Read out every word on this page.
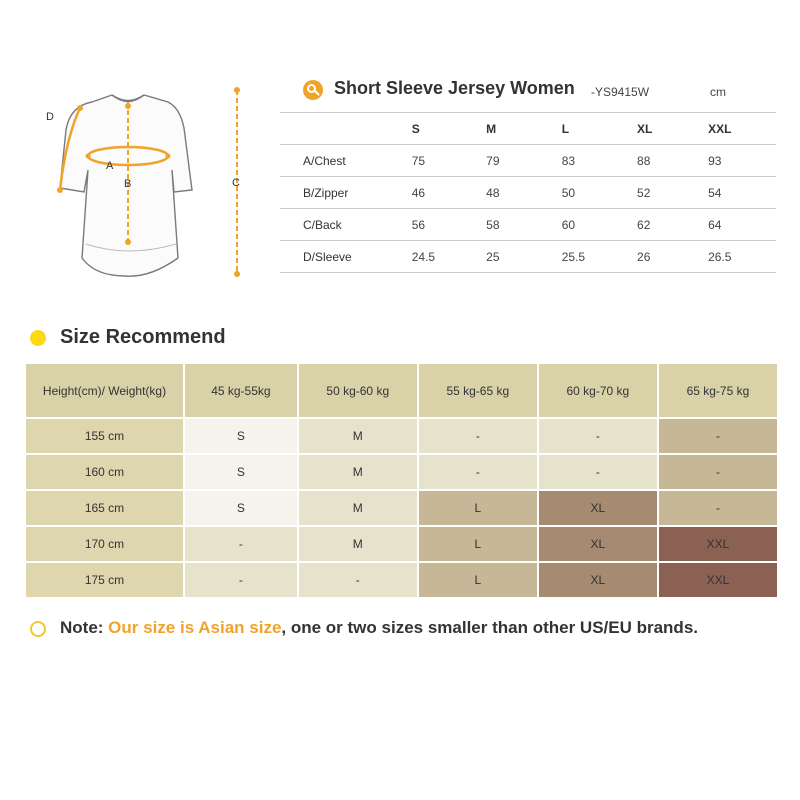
D
A
B	C
Short Sleeve Jersey Women -YS9415W	cm
	S	M	L	XL	XXL
A/Chest	75	79	83	88	93
B/Zipper	46	48	50	52	54
C/Back	56	58	60	62	64
D/Sleeve	24.5	25	25.5	26	26.5
Size Recommend
Height(cm)/ Weight(kg)	45 kg-55kg	50 kg-60 kg	55 kg-65 kg	60 kg-70 kg	65 kg-75 kg
155 cm	S	M	-	-	-
160 cm	S	M	-	-	-
165 cm	S	M	L	XL	-
170 cm	-	M	L	XL	XXL
175 cm	-	-	L	XL	XXL
Note: Our size is Asian size, one or two sizes smaller than other US/EU brands.
